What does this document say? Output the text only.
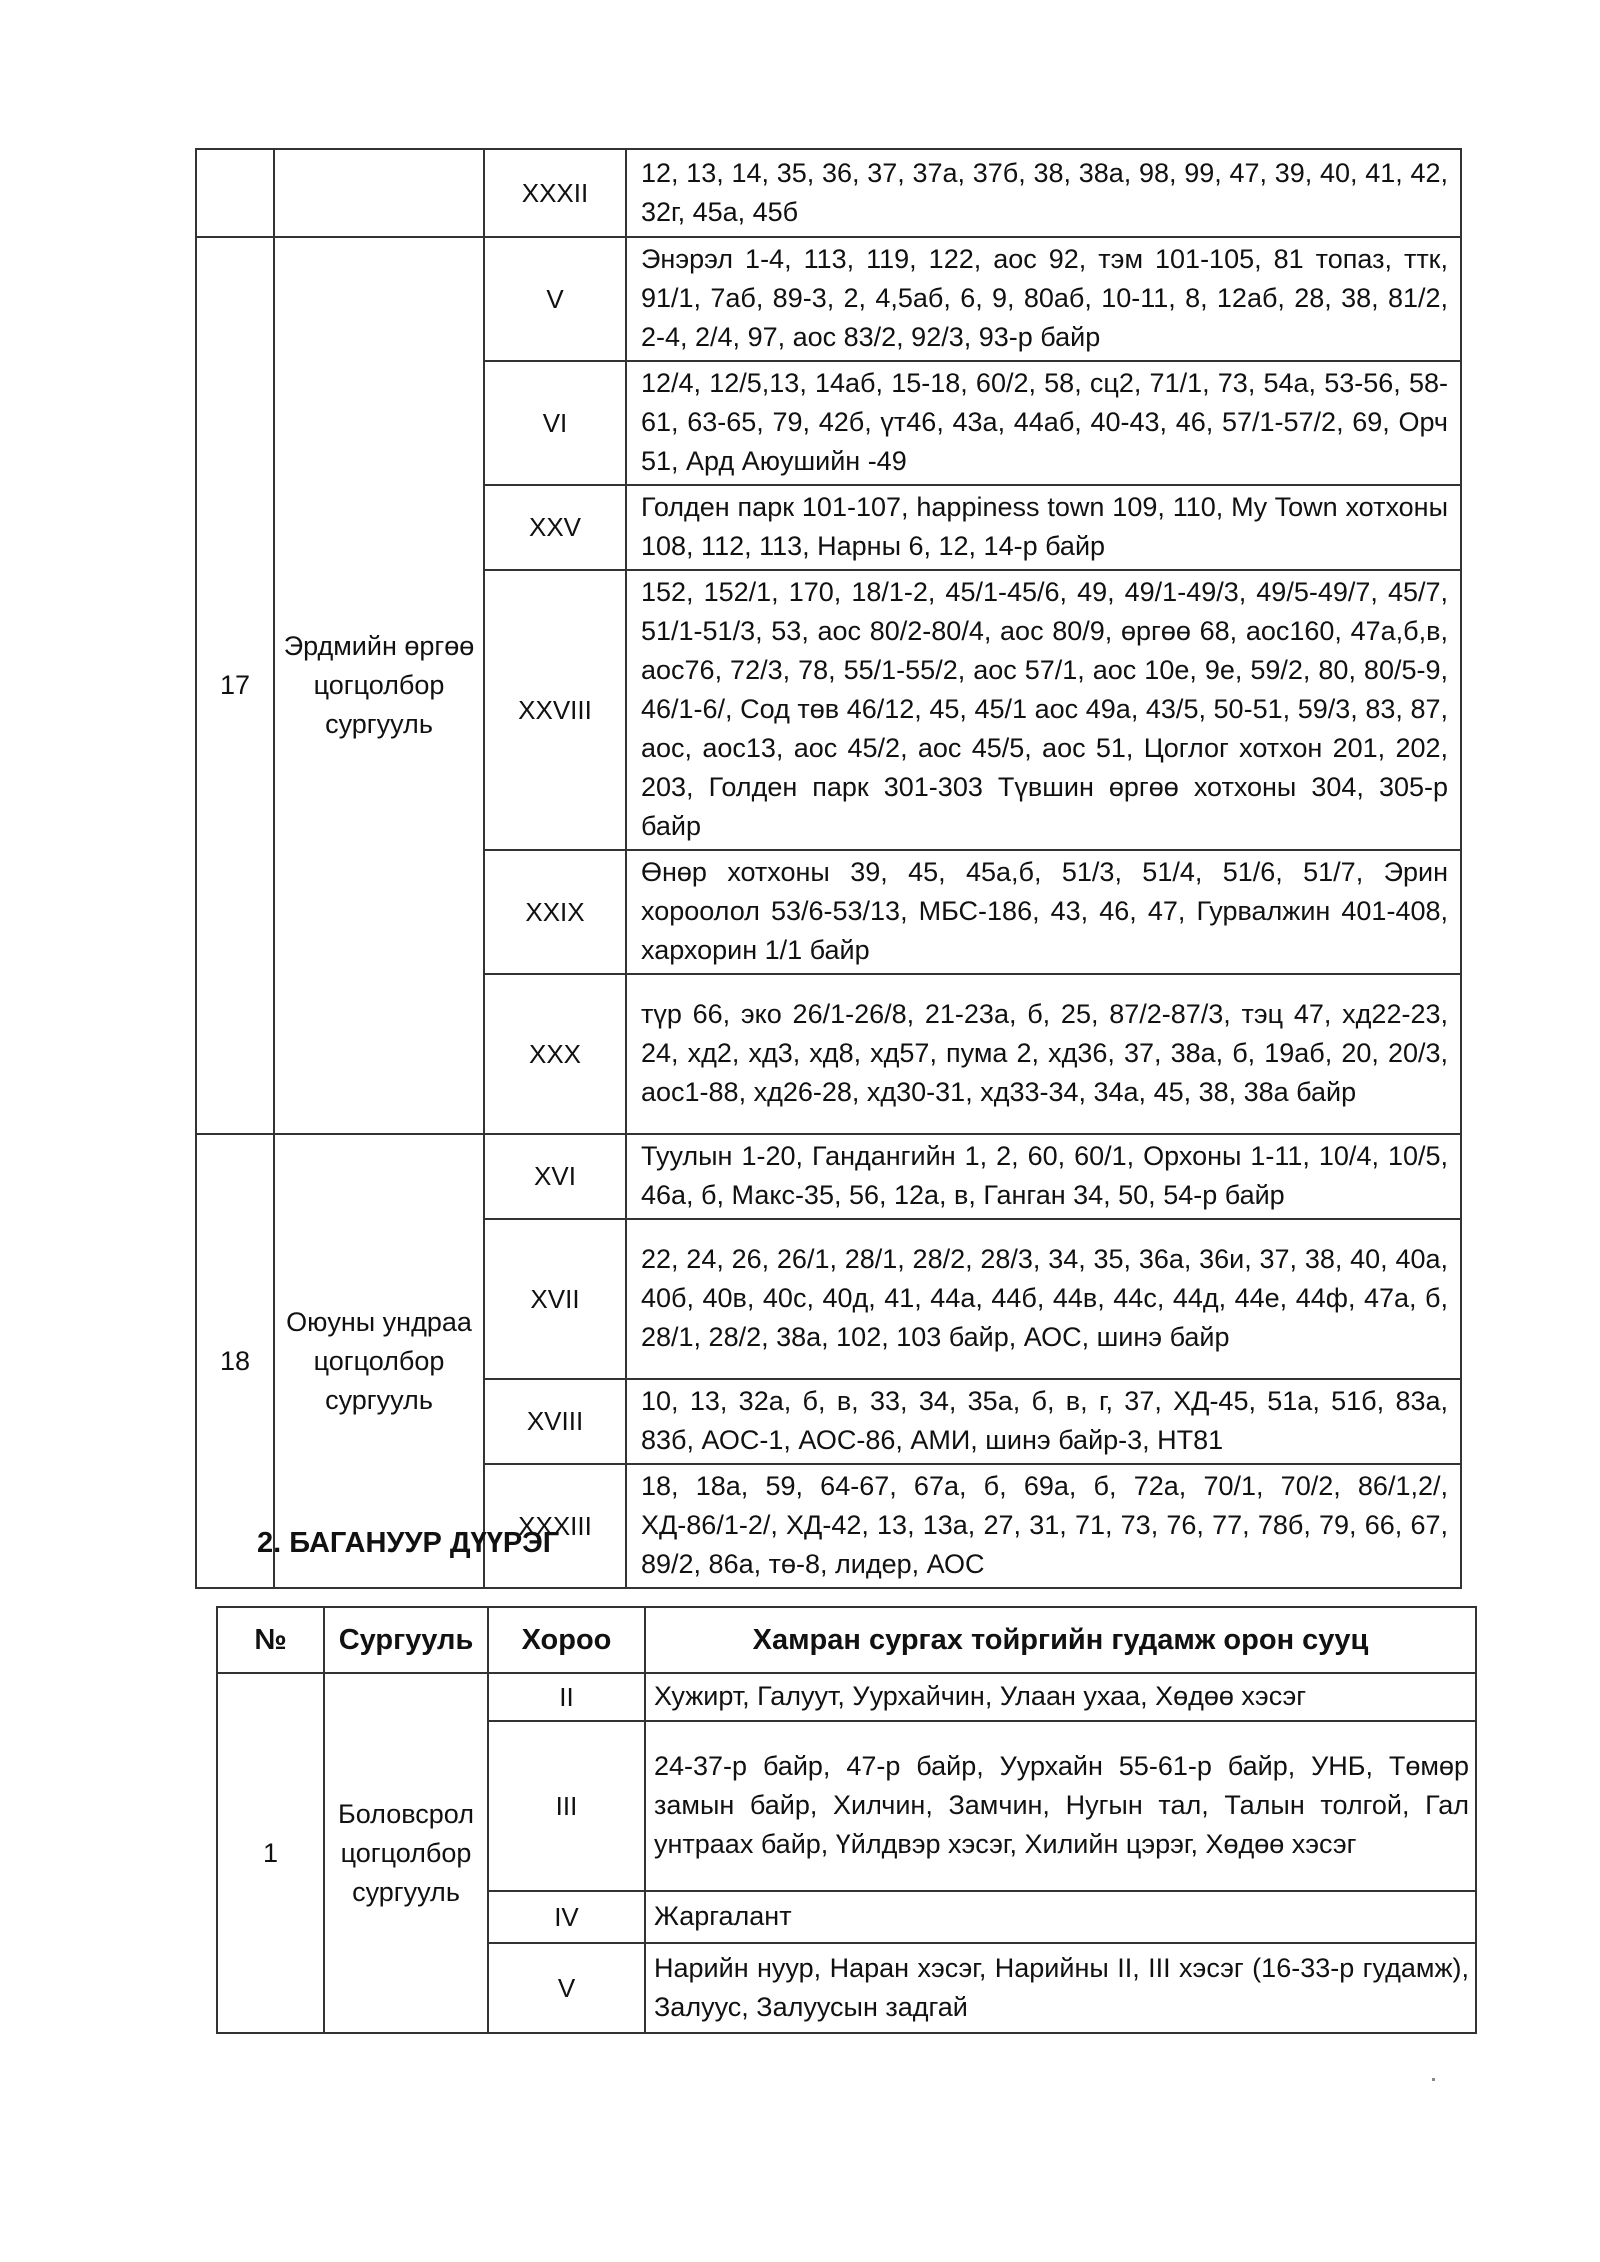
		XXXII	12, 13, 14, 35, 36, 37, 37а, 37б, 38, 38а, 98, 99, 47, 39, 40, 41, 42, 32г, 45а, 45б
17	Эрдмийн өргөө цогцолбор сургууль	V	Энэрэл 1-4, 113, 119, 122, аос 92, тэм 101-105, 81 топаз, ттк, 91/1, 7аб, 89-3, 2, 4,5аб, 6, 9, 80аб, 10-11, 8, 12аб, 28, 38, 81/2, 2-4, 2/4, 97, аос 83/2, 92/3, 93-р байр
		VI	12/4, 12/5,13, 14аб, 15-18, 60/2, 58, сц2, 71/1, 73, 54а, 53-56, 58-61, 63-65, 79, 42б, үт46, 43а, 44аб, 40-43, 46, 57/1-57/2, 69, Орч 51, Ард Аюушийн -49
		XXV	Голден парк 101-107, happiness town 109, 110, My Town хотхоны 108, 112, 113, Нарны 6, 12, 14-р байр
		XXVIII	152, 152/1, 170, 18/1-2, 45/1-45/6, 49, 49/1-49/3, 49/5-49/7, 45/7, 51/1-51/3, 53, аос 80/2-80/4, аос 80/9, өргөө 68, аос160, 47а,б,в, аос76, 72/3, 78, 55/1-55/2, аос 57/1, аос 10е, 9е, 59/2, 80, 80/5-9, 46/1-6/, Сод төв 46/12, 45, 45/1 аос 49а, 43/5, 50-51, 59/3, 83, 87, аос, аос13, аос 45/2, аос 45/5, аос 51, Цоглог хотхон 201, 202, 203, Голден парк 301-303 Түвшин өргөө хотхоны 304, 305-р байр
		XXIX	Өнөр хотхоны 39, 45, 45а,б, 51/3, 51/4, 51/6, 51/7, Эрин хороолол 53/6-53/13, МБС-186, 43, 46, 47, Гурвалжин 401-408, хархорин 1/1 байр
		XXX	түр 66, эко 26/1-26/8, 21-23а, б, 25, 87/2-87/3, тэц 47, хд22-23, 24, хд2, хд3, хд8, хд57, пума 2, хд36, 37, 38а, б, 19аб, 20, 20/3, аос1-88, хд26-28, хд30-31, хд33-34, 34а, 45, 38, 38а байр
18	Оюуны ундраа цогцолбор сургууль	XVI	Туулын 1-20, Гандангийн 1, 2, 60, 60/1, Орхоны 1-11, 10/4, 10/5, 46а, б, Макс-35, 56, 12а, в, Ганган 34, 50, 54-р байр
		XVII	22, 24, 26, 26/1, 28/1, 28/2, 28/3, 34, 35, 36а, 36и, 37, 38, 40, 40а, 40б, 40в, 40с, 40д, 41, 44а, 44б, 44в, 44с, 44д, 44е, 44ф, 47а, б, 28/1, 28/2, 38а, 102, 103 байр, АОС, шинэ байр
		XVIII	10, 13, 32а, б, в, 33, 34, 35а, б, в, г, 37, ХД-45, 51а, 51б, 83а, 83б, АОС-1, АОС-86, АМИ, шинэ байр-3, НТ81
		XXXIII	18, 18а, 59, 64-67, 67а, б, 69а, б, 72а, 70/1, 70/2, 86/1,2/, ХД-86/1-2/, ХД-42, 13, 13а, 27, 31, 71, 73, 76, 77, 78б, 79, 66, 67, 89/2, 86а, тө-8, лидер, АОС

2. БАГАНУУР ДҮҮРЭГ

№	Сургууль	Хороо	Хамран сургах тойргийн гудамж орон сууц
1	Боловсрол цогцолбор сургууль	II	Хужирт, Галуут, Уурхайчин, Улаан ухаа, Хөдөө хэсэг
		III	24-37-р байр, 47-р байр, Уурхайн 55-61-р байр, УНБ, Төмөр замын байр, Хилчин, Замчин, Нугын тал, Талын толгой, Гал унтраах байр, Үйлдвэр хэсэг, Хилийн цэрэг, Хөдөө хэсэг
		IV	Жаргалант
		V	Нарийн нуур, Наран хэсэг, Нарийны II, III хэсэг (16-33-р гудамж), Залуус, Залуусын задгай
